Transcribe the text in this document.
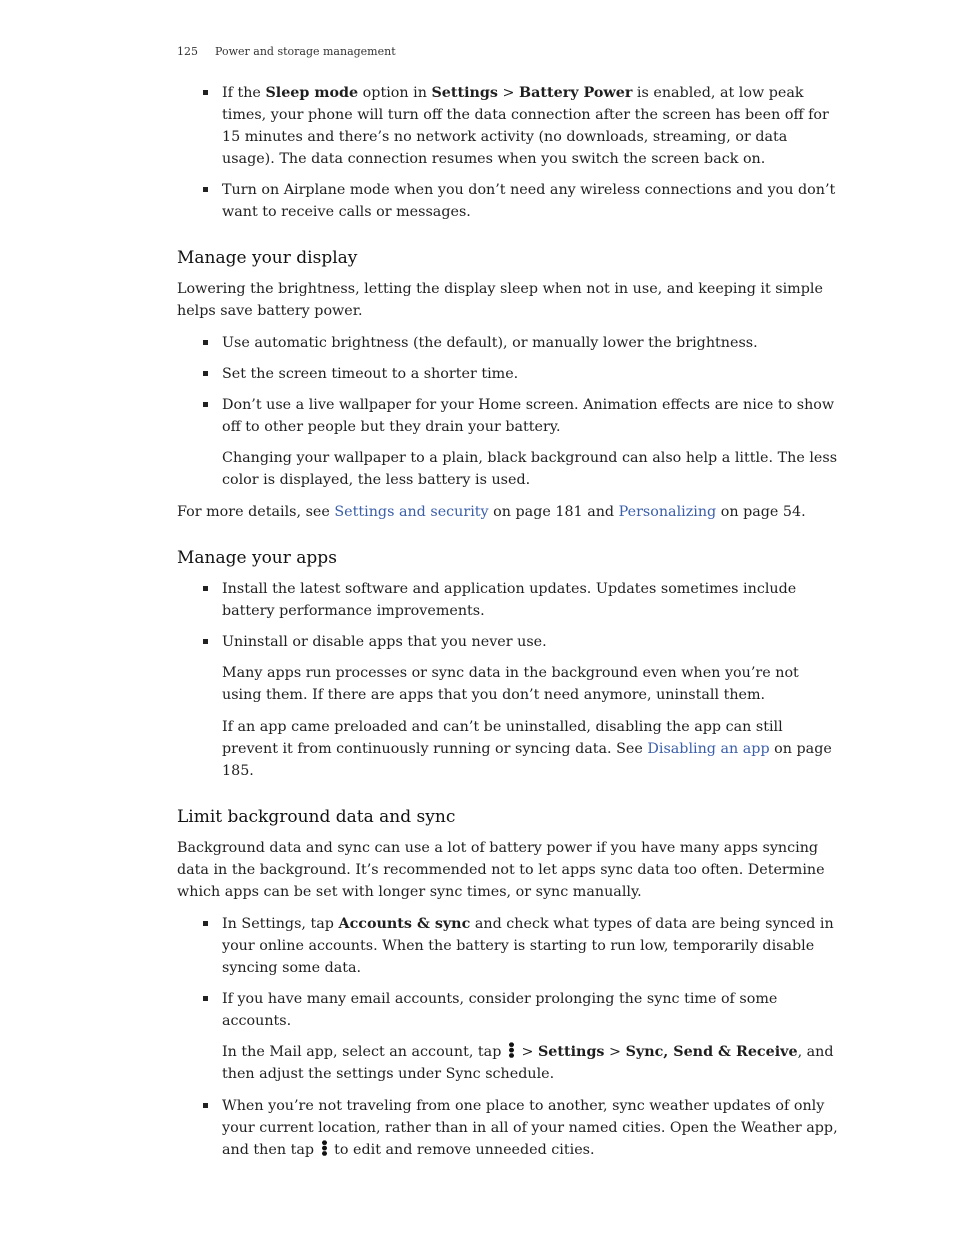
125 Power and storage management
If the Sleep mode option in Settings > Battery Power is enabled, at low peak times, your phone will turn off the data connection after the screen has been off for 15 minutes and there’s no network activity (no downloads, streaming, or data usage). The data connection resumes when you switch the screen back on.
Turn on Airplane mode when you don’t need any wireless connections and you don’t want to receive calls or messages.
Manage your display

Lowering the brightness, letting the display sleep when not in use, and keeping it simple helps save battery power.

Use automatic brightness (the default), or manually lower the brightness.
Set the screen timeout to a shorter time.
Don’t use a live wallpaper for your Home screen. Animation effects are nice to show off to other people but they drain your battery.

Changing your wallpaper to a plain, black background can also help a little. The less color is displayed, the less battery is used.

For more details, see Settings and security on page 181 and Personalizing on page 54.

Manage your apps
Install the latest software and application updates. Updates sometimes include battery performance improvements.
Uninstall or disable apps that you never use.

Many apps run processes or sync data in the background even when you’re not using them. If there are apps that you don’t need anymore, uninstall them.

If an app came preloaded and can’t be uninstalled, disabling the app can still prevent it from continuously running or syncing data. See Disabling an app on page 185.

Limit background data and sync

Background data and sync can use a lot of battery power if you have many apps syncing data in the background. It’s recommended not to let apps sync data too often. Determine which apps can be set with longer sync times, or sync manually.

In Settings, tap Accounts & sync and check what types of data are being synced in your online accounts. When the battery is starting to run low, temporarily disable syncing some data.
If you have many email accounts, consider prolonging the sync time of some accounts.

In the Mail app, select an account, tap  > Settings > Sync, Send & Receive, and then adjust the settings under Sync schedule.

When you’re not traveling from one place to another, sync weather updates of only your current location, rather than in all of your named cities. Open the Weather app, and then tap  to edit and remove unneeded cities.
